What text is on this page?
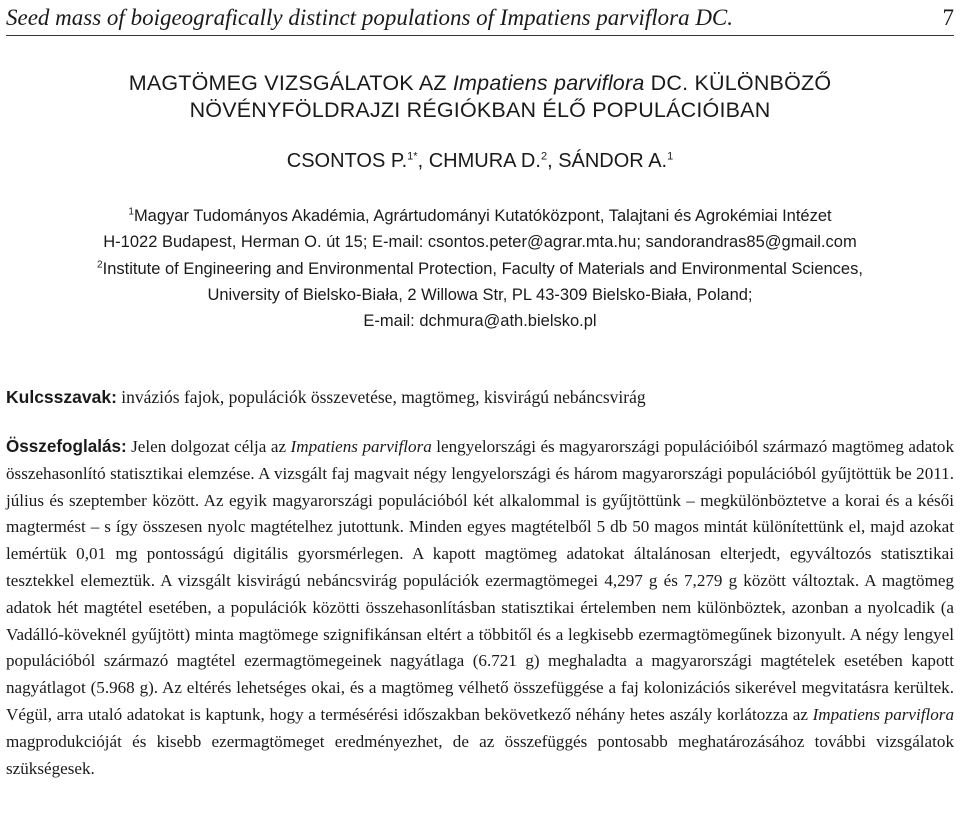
Seed mass of boigeografically distinct populations of Impatiens parviflora DC.	7
MAGTÖMEG VIZSGÁLATOK AZ Impatiens parviflora DC. KÜLÖNBÖZŐ
NÖVÉNYFÖLDRAJZI RÉGIÓKBAN ÉLŐ POPULÁCIÓIBAN
CSONTOS P.$^{1*}$, CHMURA D.$^2$, SÁNDOR A.$^1$
$^1$Magyar Tudományos Akadémia, Agrártudományi Kutatóközpont, Talajtani és Agrokémiai Intézet
H-1022 Budapest, Herman O. út 15; E-mail: csontos.peter@agrar.mta.hu; sandorandras85@gmail.com
$^2$Institute of Engineering and Environmental Protection, Faculty of Materials and Environmental Sciences,
University of Bielsko-Biała, 2 Willowa Str, PL 43-309 Bielsko-Biała, Poland;
E-mail: dchmura@ath.bielsko.pl
Kulcsszavak: inváziós fajok, populációk összevetése, magtömeg, kisvirágú nebáncsvirág
Összefoglalás: Jelen dolgozat célja az Impatiens parviflora lengyelországi és magyarországi populációiból származó magtömeg adatok összehasonlító statisztikai elemzése. A vizsgált faj magvait négy lengyelországi és három magyarországi populációból gyűjtöttük be 2011. július és szeptember között. Az egyik magyarországi populációból két alkalommal is gyűjtöttünk – megkülönböztetve a korai és a késői magtermést – s így összesen nyolc magtételhez jutottunk. Minden egyes magtételből 5 db 50 magos mintát különítettünk el, majd azokat lemértük 0,01 mg pontosságú digitális gyorsmérlegen. A kapott magtömeg adatokat általánosan elterjedt, egyváltozós statisztikai tesztekkel elemeztük. A vizsgált kisvirágú nebáncsvirág populációk ezermagtömegei 4,297 g és 7,279 g között változtak. A magtömeg adatok hét magtétel esetében, a populációk közötti összehasonlításban statisztikai értelemben nem különböztek, azonban a nyolcadik (a Vadálló-köveknél gyűjtött) minta magtömege szignifikánsan eltért a többitől és a legkisebb ezermagtömegűnek bizonyult. A négy lengyel populációból származó magtétel ezermagtömegeinek nagyátlaga (6.721 g) meghaladta a magyarországi magtételek esetében kapott nagyátlagot (5.968 g). Az eltérés lehetséges okai, és a magtömeg vélhető összefüggése a faj kolonizációs sikerével megvitatásra kerültek. Végül, arra utaló adatokat is kaptunk, hogy a termésérési időszakban bekövetkező néhány hetes aszály korlátozza az Impatiens parviflora magprodukcióját és kisebb ezermagtömeget eredményezhet, de az összefüggés pontosabb meghatározásához további vizsgálatok szükségesek.
